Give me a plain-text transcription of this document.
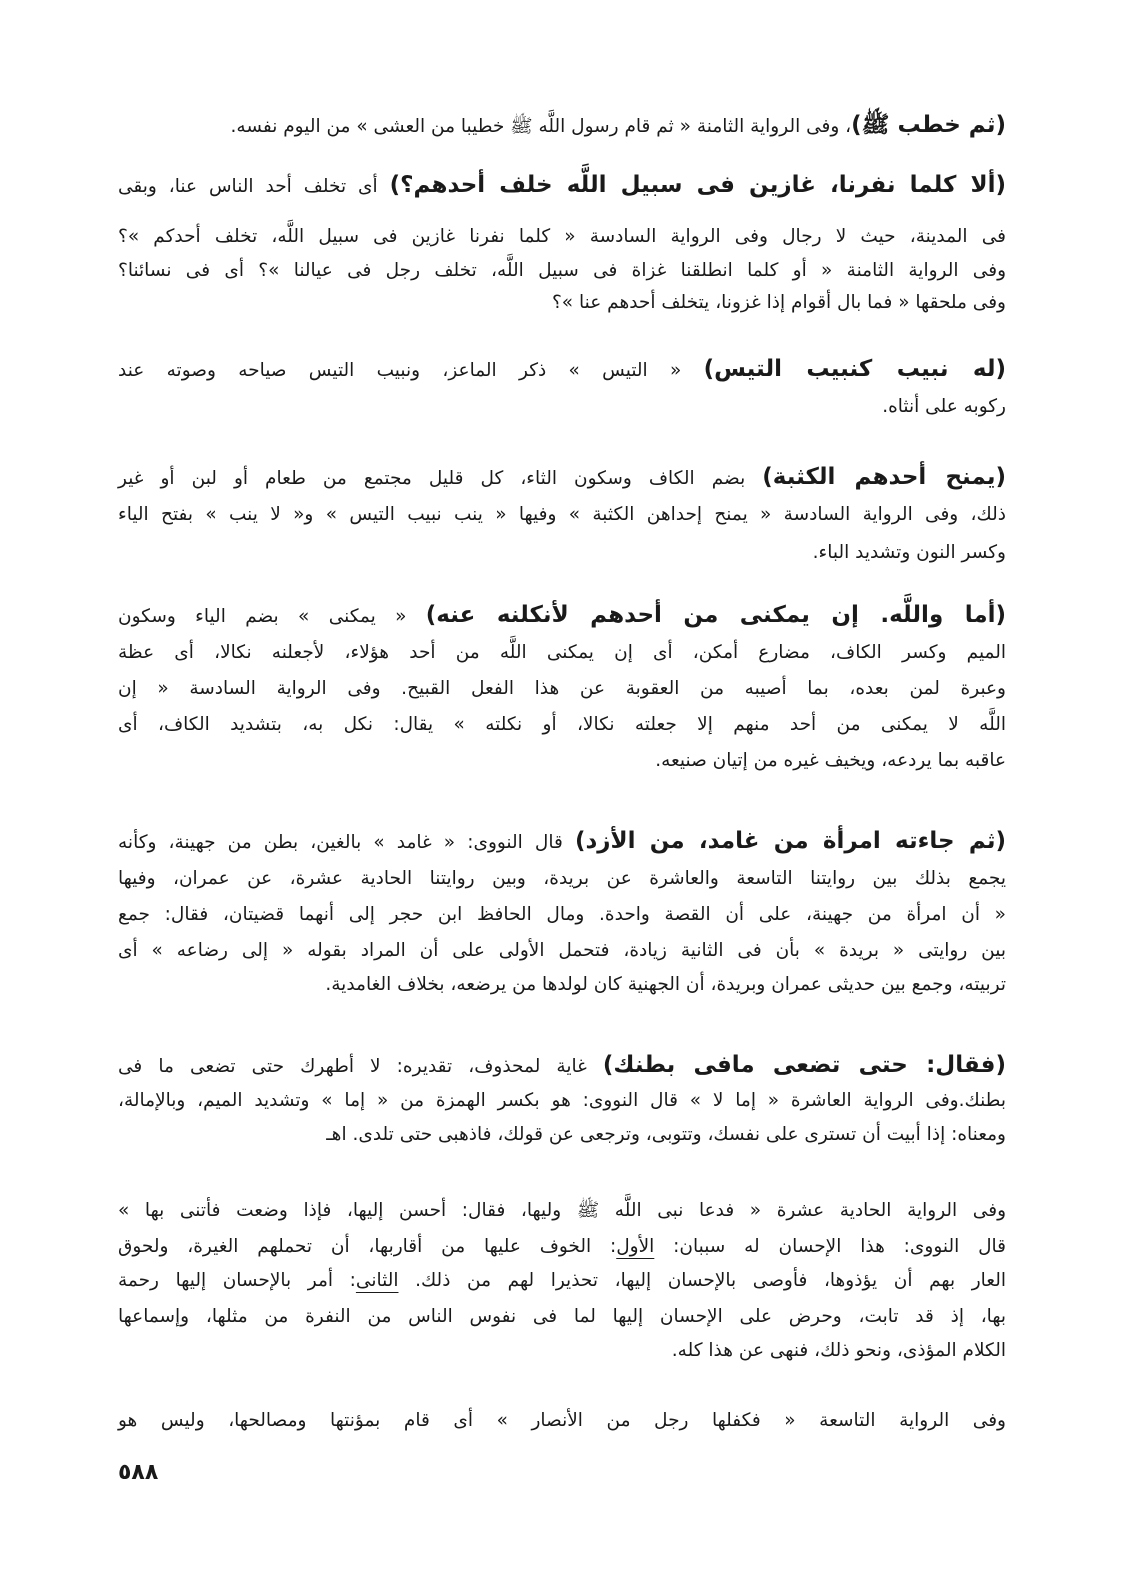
(ثم خطب ﷺ)، وفى الرواية الثامنة « ثم قام رسول اللَّه ﷺ خطيبا من العشى » من اليوم نفسه.
(ألا كلما نفرنا، غازين فى سبيل اللَّه خلف أحدهم؟) أى تخلف أحد الناس عنا، وبقى
فى المدينة، حيث لا رجال وفى الرواية السادسة « كلما نفرنا غازين فى سبيل اللَّه، تخلف أحدكم »؟
وفى الرواية الثامنة « أو كلما انطلقنا غزاة فى سبيل اللَّه، تخلف رجل فى عيالنا »؟ أى فى نسائنا؟
وفى ملحقها « فما بال أقوام إذا غزونا، يتخلف أحدهم عنا »؟
(له نبيب كنبيب التيس) « التيس » ذكر الماعز، ونبيب التيس صياحه وصوته عند
ركوبه على أنثاه.
(يمنح أحدهم الكثبة) بضم الكاف وسكون الثاء، كل قليل مجتمع من طعام أو لبن أو غير
ذلك، وفى الرواية السادسة « يمنح إحداهن الكثبة » وفيها « ينب نبيب التيس » و« لا ينب » بفتح الياء
وكسر النون وتشديد الباء.
(أما واللَّه. إن يمكنى من أحدهم لأنكلنه عنه) « يمكنى » بضم الياء وسكون
الميم وكسر الكاف، مضارع أمكن، أى إن يمكنى اللَّه من أحد هؤلاء، لأجعلنه نكالا، أى عظة
وعبرة لمن بعده، بما أصيبه من العقوبة عن هذا الفعل القبيح. وفى الرواية السادسة « إن
اللَّه لا يمكنى من أحد منهم إلا جعلته نكالا، أو نكلته » يقال: نكل به، بتشديد الكاف، أى
عاقبه بما يردعه، ويخيف غيره من إتيان صنيعه.
(ثم جاءته امرأة من غامد، من الأزد) قال النووى: « غامد » بالغين، بطن من جهينة، وكأنه
يجمع بذلك بين روايتنا التاسعة والعاشرة عن بريدة، وبين روايتنا الحادية عشرة، عن عمران، وفيها
« أن امرأة من جهينة، على أن القصة واحدة. ومال الحافظ ابن حجر إلى أنهما قضيتان، فقال: جمع
بين روايتى « بريدة » بأن فى الثانية زيادة، فتحمل الأولى على أن المراد بقوله « إلى رضاعه » أى
تربيته، وجمع بين حديثى عمران وبريدة، أن الجهنية كان لولدها من يرضعه، بخلاف الغامدية.
(فقال: حتى تضعى مافى بطنك) غاية لمحذوف، تقديره: لا أطهرك حتى تضعى ما فى
بطنك.وفى الرواية العاشرة « إما لا » قال النووى: هو بكسر الهمزة من « إما » وتشديد الميم، وبالإمالة،
ومعناه: إذا أبيت أن تسترى على نفسك، وتتوبى، وترجعى عن قولك، فاذهبى حتى تلدى. اهـ
وفى الرواية الحادية عشرة « فدعا نبى اللَّه ﷺ وليها، فقال: أحسن إليها، فإذا وضعت فأتنى بها »
قال النووى: هذا الإحسان له سببان: الأول: الخوف عليها من أقاربها، أن تحملهم الغيرة، ولحوق
العار بهم أن يؤذوها، فأوصى بالإحسان إليها، تحذيرا لهم من ذلك. الثانى: أمر بالإحسان إليها رحمة
بها، إذ قد تابت، وحرض على الإحسان إليها لما فى نفوس الناس من النفرة من مثلها، وإسماعها
الكلام المؤذى، ونحو ذلك، فنهى عن هذا كله.
وفى الرواية التاسعة « فكفلها رجل من الأنصار » أى قام بمؤنتها ومصالحها، وليس هو
٥٨٨
